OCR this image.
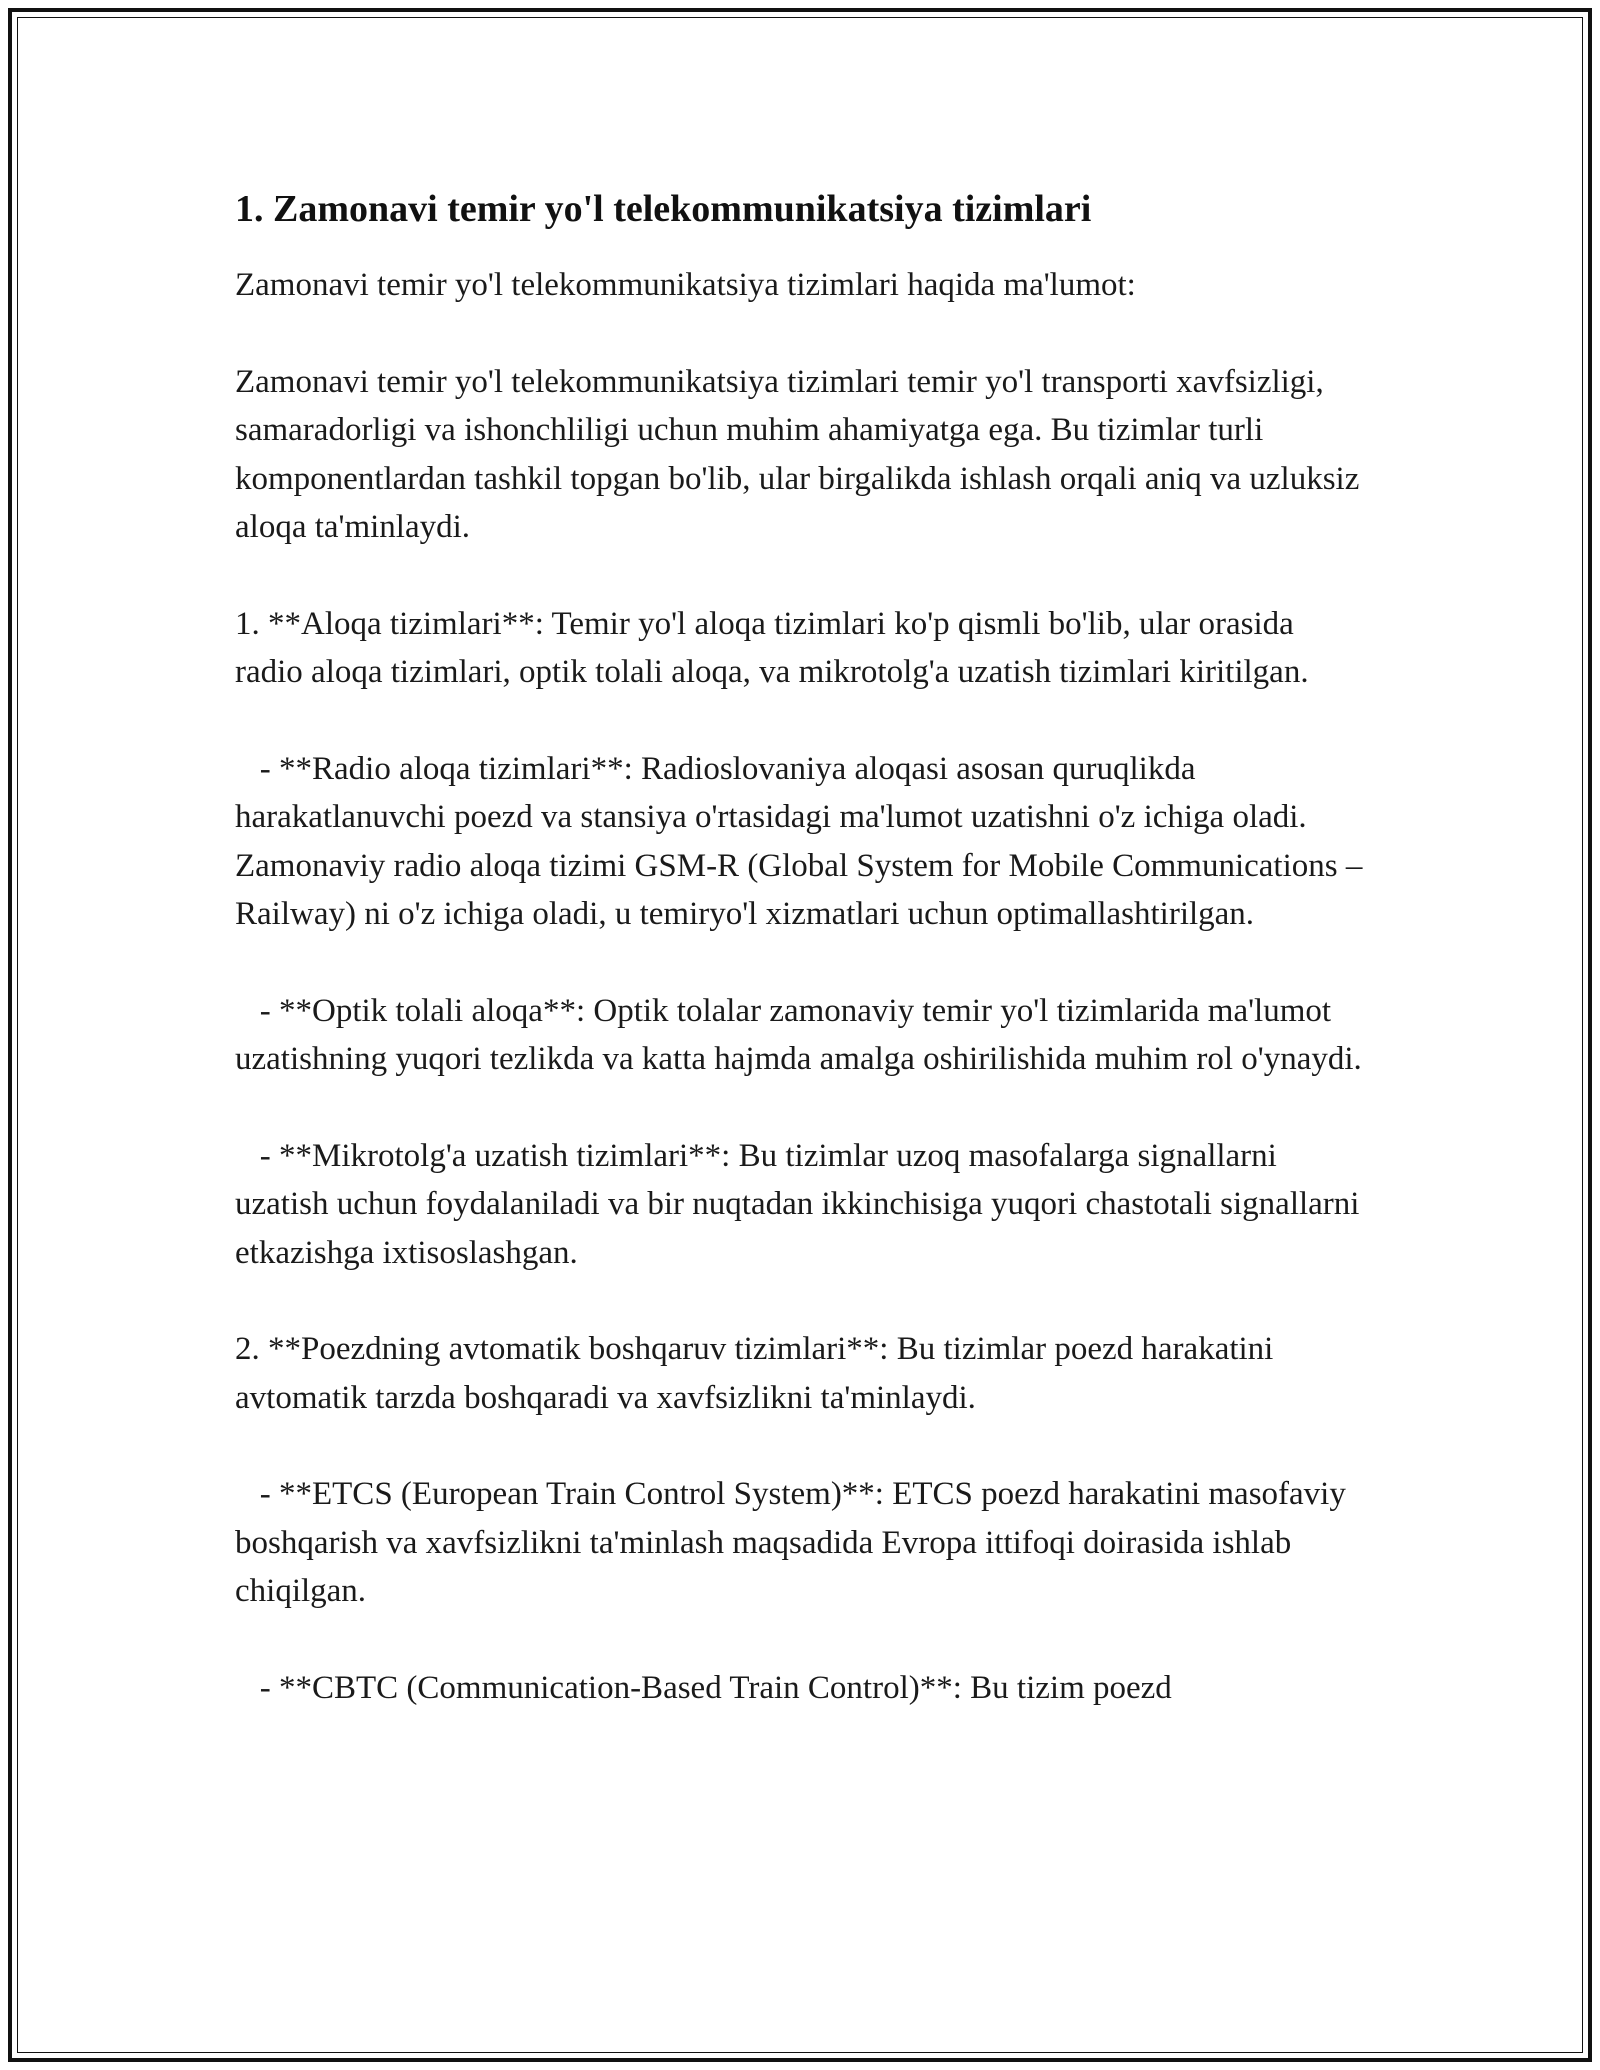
1. Zamonavi temir yo'l telekommunikatsiya tizimlari

Zamonavi temir yo'l telekommunikatsiya tizimlari haqida ma'lumot:

Zamonavi temir yo'l telekommunikatsiya tizimlari temir yo'l transporti xavfsizligi, samaradorligi va ishonchliligi uchun muhim ahamiyatga ega. Bu tizimlar turli komponentlardan tashkil topgan bo'lib, ular birgalikda ishlash orqali aniq va uzluksiz aloqa ta'minlaydi.

1. **Aloqa tizimlari**: Temir yo'l aloqa tizimlari ko'p qismli bo'lib, ular orasida radio aloqa tizimlari, optik tolali aloqa, va mikrotolg'a uzatish tizimlari kiritilgan.

- **Radio aloqa tizimlari**: Radioslovaniya aloqasi asosan quruqlikda harakatlanuvchi poezd va stansiya o'rtasidagi ma'lumot uzatishni o'z ichiga oladi. Zamonaviy radio aloqa tizimi GSM-R (Global System for Mobile Communications – Railway) ni o'z ichiga oladi, u temiryo'l xizmatlari uchun optimallashtirilgan.

- **Optik tolali aloqa**: Optik tolalar zamonaviy temir yo'l tizimlarida ma'lumot uzatishning yuqori tezlikda va katta hajmda amalga oshirilishida muhim rol o'ynaydi.

- **Mikrotolg'a uzatish tizimlari**: Bu tizimlar uzoq masofalarga signallarni uzatish uchun foydalaniladi va bir nuqtadan ikkinchisiga yuqori chastotali signallarni etkazishga ixtisoslashgan.

2. **Poezdning avtomatik boshqaruv tizimlari**: Bu tizimlar poezd harakatini avtomatik tarzda boshqaradi va xavfsizlikni ta'minlaydi.

- **ETCS (European Train Control System)**: ETCS poezd harakatini masofaviy boshqarish va xavfsizlikni ta'minlash maqsadida Evropa ittifoqi doirasida ishlab chiqilgan.

- **CBTC (Communication-Based Train Control)**: Bu tizim poezd
